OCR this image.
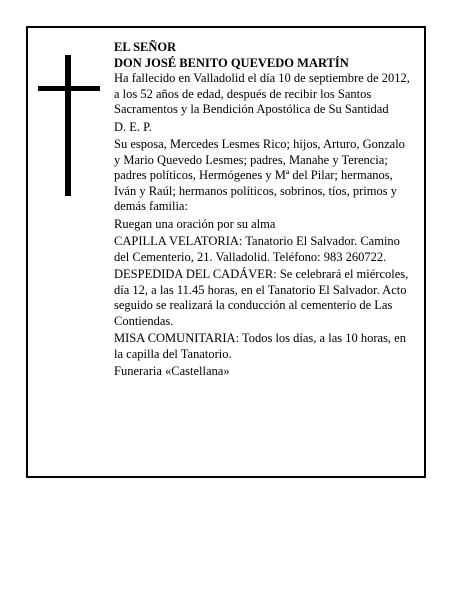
EL SEÑOR

DON JOSÉ BENITO QUEVEDO MARTÍN

Ha fallecido en Valladolid el día 10 de septiembre de 2012, a los 52 años de edad, después de recibir los Santos Sacramentos y la Bendición Apostólica de Su Santidad

D. E. P.

Su esposa, Mercedes Lesmes Rico; hijos, Arturo, Gonzalo y Mario Quevedo Lesmes; padres, Manahe y Terencia; padres políticos, Hermógenes y Mª del Pilar; hermanos, Iván y Raúl; hermanos políticos, sobrinos, tíos, primos y demás familia:

Ruegan una oración por su alma

CAPILLA VELATORIA: Tanatorio El Salvador. Camino del Cementerio, 21. Valladolid. Teléfono: 983 260722.

DESPEDIDA DEL CADÁVER: Se celebrará el miércoles, día 12, a las 11.45 horas, en el Tanatorio El Salvador. Acto seguido se realizará la conducción al cementerio de Las Contiendas.

MISA COMUNITARIA: Todos los días, a las 10 horas, en la capilla del Tanatorio.

Funeraria «Castellana»
